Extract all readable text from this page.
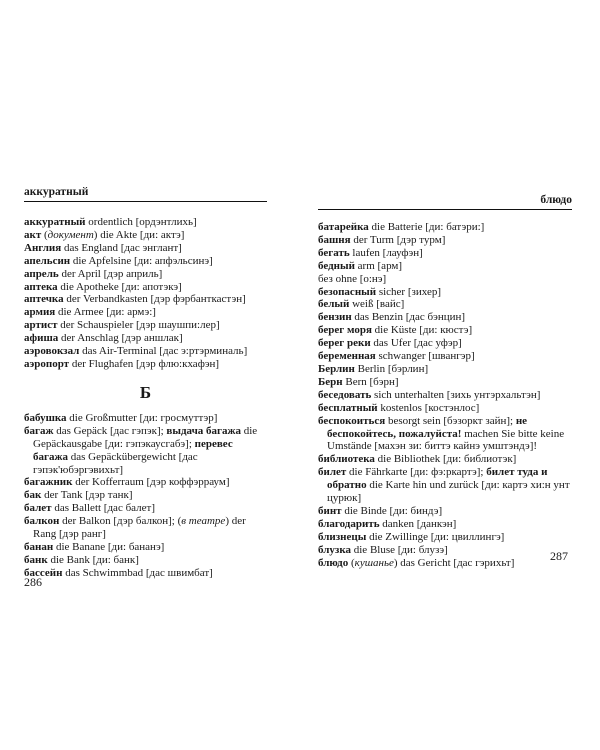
аккуратный
аккуратный ordentlich [ордэнтлихь]
акт (документ) die Akte [ди: актэ]
Англия das England [дас энглант]
апельсин die Apfelsine [ди: апфэльсинэ]
апрель der April [дэр априль]
аптека die Apotheke [ди: апотэкэ]
аптечка der Verbandkasten [дэр фэрбанткастэн]
армия die Armee [ди: армэ:]
артист der Schauspieler [дэр шаушпи:лер]
афиша der Anschlag [дэр аншлак]
аэровокзал das Air-Terminal [дас э:ртэрминаль]
аэропорт der Flughafen [дэр флю:кхафэн]
Б
бабушка die Großmutter [ди: гросмуттэр]
багаж das Gepäck [дас гэпэк]; выдача багажа die Gepäckausgabe [ди: гэпэкаусгабэ]; перевес багажа das Gepäckübergewicht [дас гэпэк'юбэргэвихьт]
багажник der Kofferraum [дэр коффэрраум]
бак der Tank [дэр танк]
балет das Ballett [дас балет]
балкон der Balkon [дэр балкон]; (в театре) der Rang [дэр ранг]
банан die Banane [ди: бананэ]
банк die Bank [ди: банк]
бассейн das Schwimmbad [дас швимбат]
блюдо
батарейка die Batterie [ди: батэри:]
башня der Turm [дэр турм]
бегать laufen [лауфэн]
бедный arm [арм]
без ohne [о:нэ]
безопасный sicher [зихер]
белый weiß [вайс]
бензин das Benzin [дас бэнцин]
берег моря die Küste [ди: кюстэ]
берег реки das Ufer [дас уфэр]
беременная schwanger [швангэр]
Берлин Berlin [бэрлин]
Берн Bern [бэрн]
беседовать sich unterhalten [зихь унтэрхальтэн]
бесплатный kostenlos [костэнлос]
беспокоиться besorgt sein [бэзоркт зайн]; не беспокойтесь, пожалуйста! machen Sie bitte keine Umstände [махэн зи: биттэ кайнэ умштэндэ]!
библиотека die Bibliothek [ди: библиотэк]
билет die Fährkarte [ди: фэ:ркартэ]; билет туда и обратно die Karte hin und zurück [ди: картэ хи:н унт цурюк]
бинт die Binde [ди: биндэ]
благодарить danken [данкэн]
близнецы die Zwillinge [ди: цвиллингэ]
блузка die Bluse [ди: блузэ]
блюдо (кушанье) das Gericht [дас гэрихьт]
286
287
